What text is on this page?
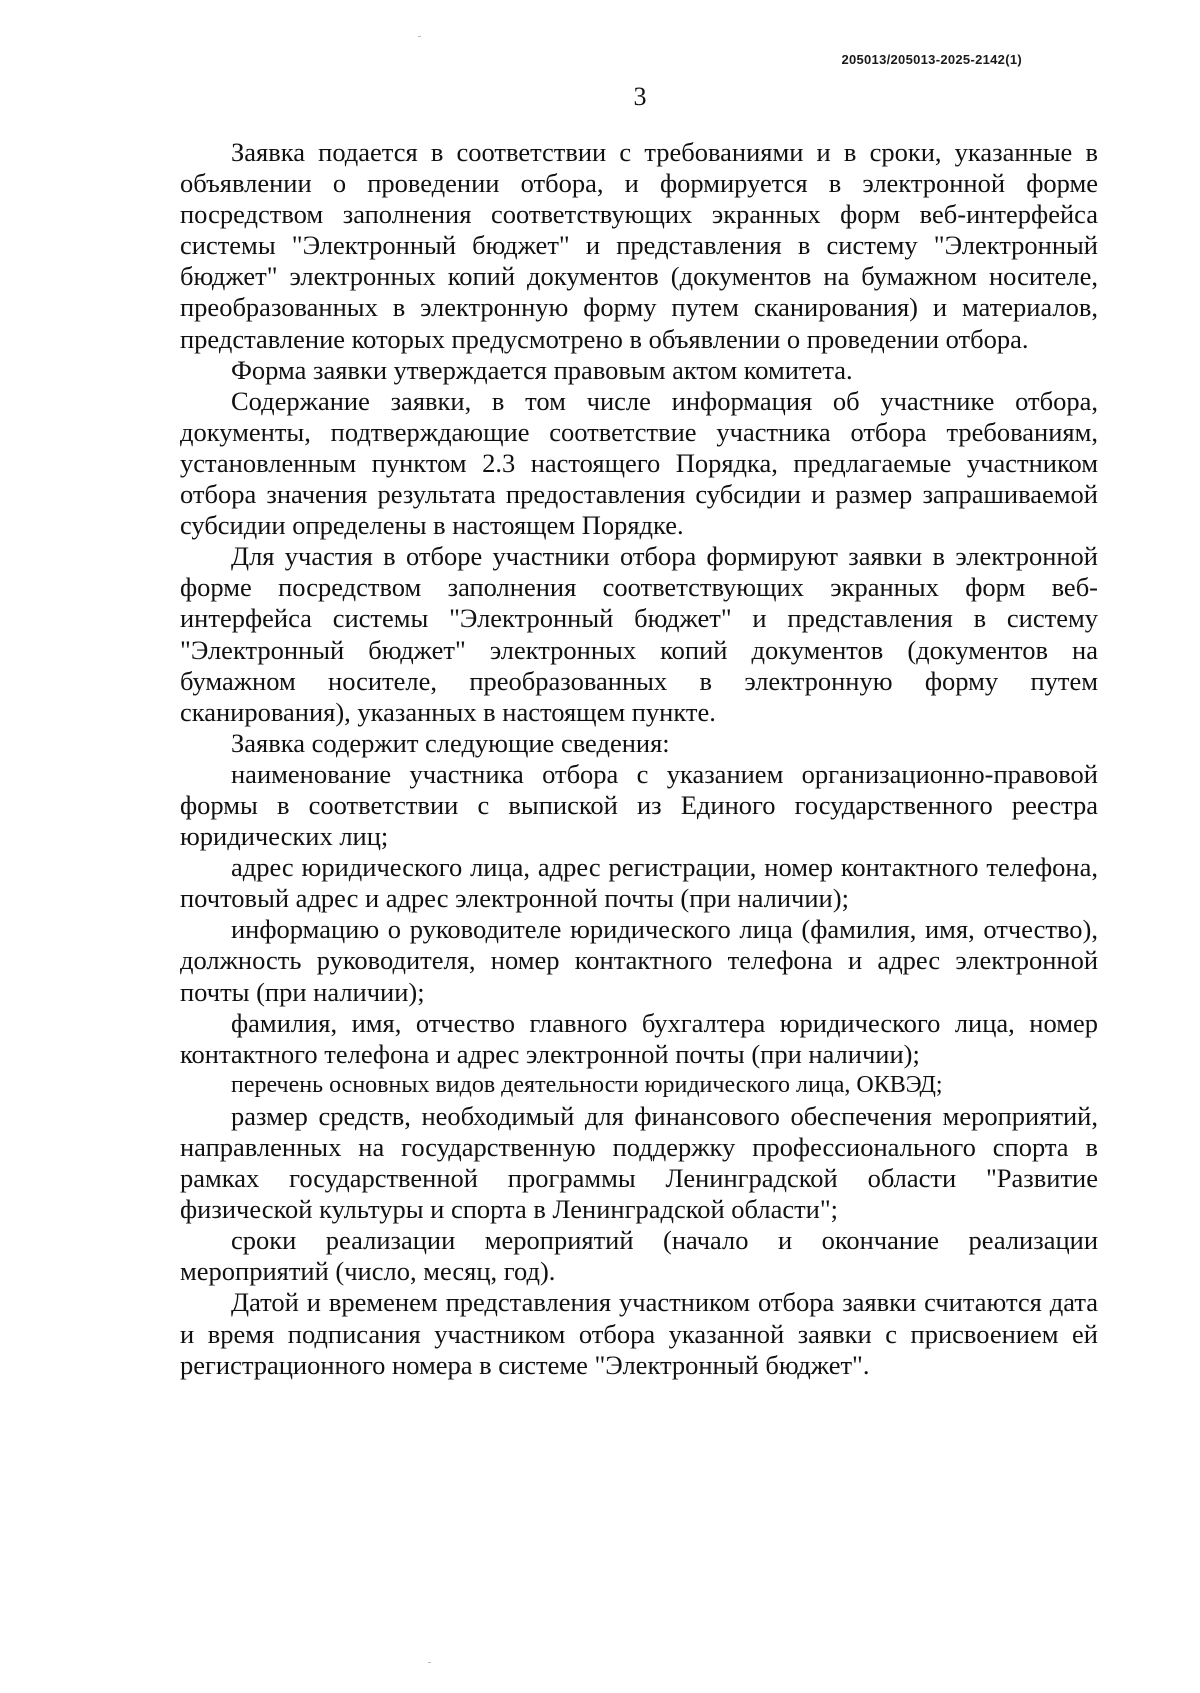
205013/205013-2025-2142(1)
3

Заявка подается в соответствии с требованиями и в сроки, указанные в объявлении о проведении отбора, и формируется в электронной форме посредством заполнения соответствующих экранных форм веб-интерфейса системы "Электронный бюджет" и представления в систему "Электронный бюджет" электронных копий документов (документов на бумажном носителе, преобразованных в электронную форму путем сканирования) и материалов, представление которых предусмотрено в объявлении о проведении отбора.

Форма заявки утверждается правовым актом комитета.

Содержание заявки, в том числе информация об участнике отбора, документы, подтверждающие соответствие участника отбора требованиям, установленным пунктом 2.3 настоящего Порядка, предлагаемые участником отбора значения результата предоставления субсидии и размер запрашиваемой субсидии определены в настоящем Порядке.

Для участия в отборе участники отбора формируют заявки в электронной форме посредством заполнения соответствующих экранных форм веб-интерфейса системы "Электронный бюджет" и представления в систему "Электронный бюджет" электронных копий документов (документов на бумажном носителе, преобразованных в электронную форму путем сканирования), указанных в настоящем пункте.

Заявка содержит следующие сведения:

наименование участника отбора с указанием организационно-правовой формы в соответствии с выпиской из Единого государственного реестра юридических лиц;

адрес юридического лица, адрес регистрации, номер контактного телефона, почтовый адрес и адрес электронной почты (при наличии);

информацию о руководителе юридического лица (фамилия, имя, отчество), должность руководителя, номер контактного телефона и адрес электронной почты (при наличии);

фамилия, имя, отчество главного бухгалтера юридического лица, номер контактного телефона и адрес электронной почты (при наличии);

перечень основных видов деятельности юридического лица, ОКВЭД;

размер средств, необходимый для финансового обеспечения мероприятий, направленных на государственную поддержку профессионального спорта в рамках государственной программы Ленинградской области "Развитие физической культуры и спорта в Ленинградской области";

сроки реализации мероприятий (начало и окончание реализации мероприятий (число, месяц, год).

Датой и временем представления участником отбора заявки считаются дата и время подписания участником отбора указанной заявки с присвоением ей регистрационного номера в системе "Электронный бюджет".
